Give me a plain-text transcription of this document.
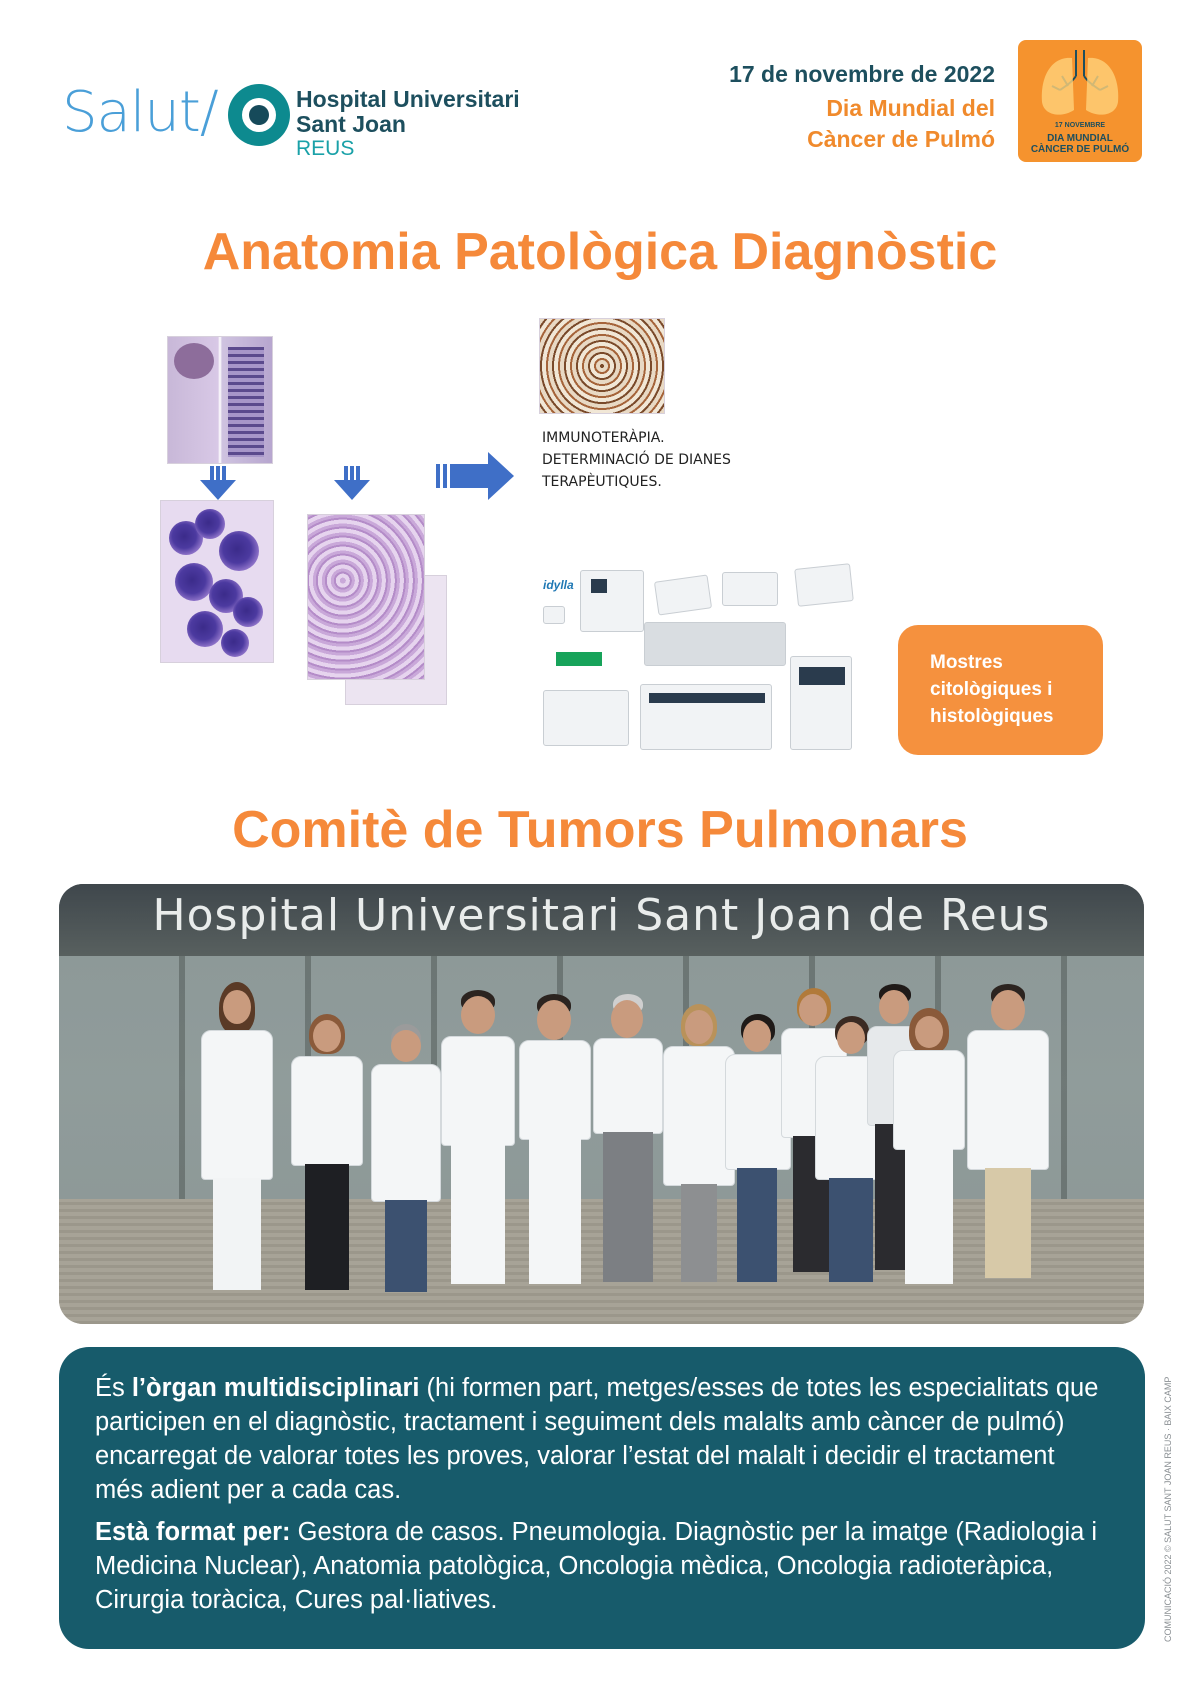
Salut/	Hospital Universitari
Sant Joan
REUS
17 de novembre de 2022
Dia Mundial del
Càncer de Pulmó
17 NOVEMBRE
DIA MUNDIAL
CÀNCER DE PULMÓ
Anatomia Patològica Diagnòstic
IMMUNOTERÀPIA.
DETERMINACIÓ DE DIANES
TERAPÈUTIQUES.
idylla
Mostres
citològiques i
histològiques
Comitè de Tumors Pulmonars
Hospital Universitari Sant Joan de Reus

És l’òrgan multidisciplinari (hi formen part, metges/esses de totes les especialitats que participen en el diagnòstic, tractament i seguiment dels malalts amb càncer de pulmó) encarregat de valorar totes les proves, valorar l’estat del malalt i decidir el tractament més adient per a cada cas.

Està format per: Gestora de casos. Pneumologia. Diagnòstic per la imatge (Radiologia i Medicina Nuclear), Anatomia patològica, Oncologia mèdica, Oncologia radioteràpica, Cirurgia toràcica, Cures pal·liatives.	COMUNICACIÓ 2022 © SALUT SANT JOAN REUS · BAIX CAMP
